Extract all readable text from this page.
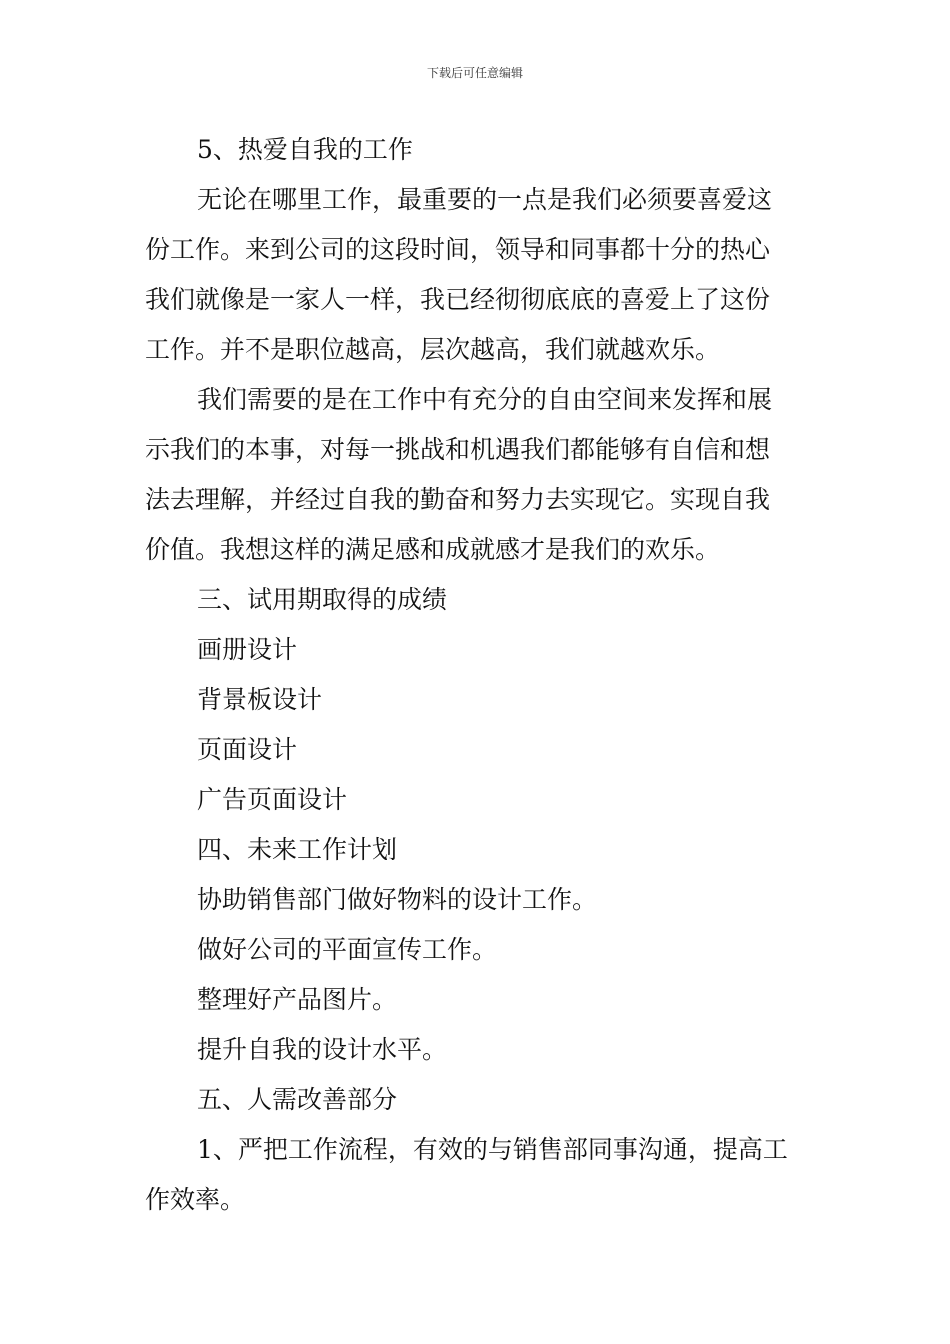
下载后可任意编辑

5、热爱自我的工作

无论在哪里工作，最重要的一点是我们必须要喜爱这

份工作。来到公司的这段时间，领导和同事都十分的热心

我们就像是一家人一样，我已经彻彻底底的喜爱上了这份

工作。并不是职位越高，层次越高，我们就越欢乐。

我们需要的是在工作中有充分的自由空间来发挥和展

示我们的本事，对每一挑战和机遇我们都能够有自信和想

法去理解，并经过自我的勤奋和努力去实现它。实现自我

价值。我想这样的满足感和成就感才是我们的欢乐。

三、试用期取得的成绩

画册设计

背景板设计

页面设计

广告页面设计

四、未来工作计划

协助销售部门做好物料的设计工作。

做好公司的平面宣传工作。

整理好产品图片。

提升自我的设计水平。

五、人需改善部分

1、严把工作流程，有效的与销售部同事沟通，提高工

作效率。
